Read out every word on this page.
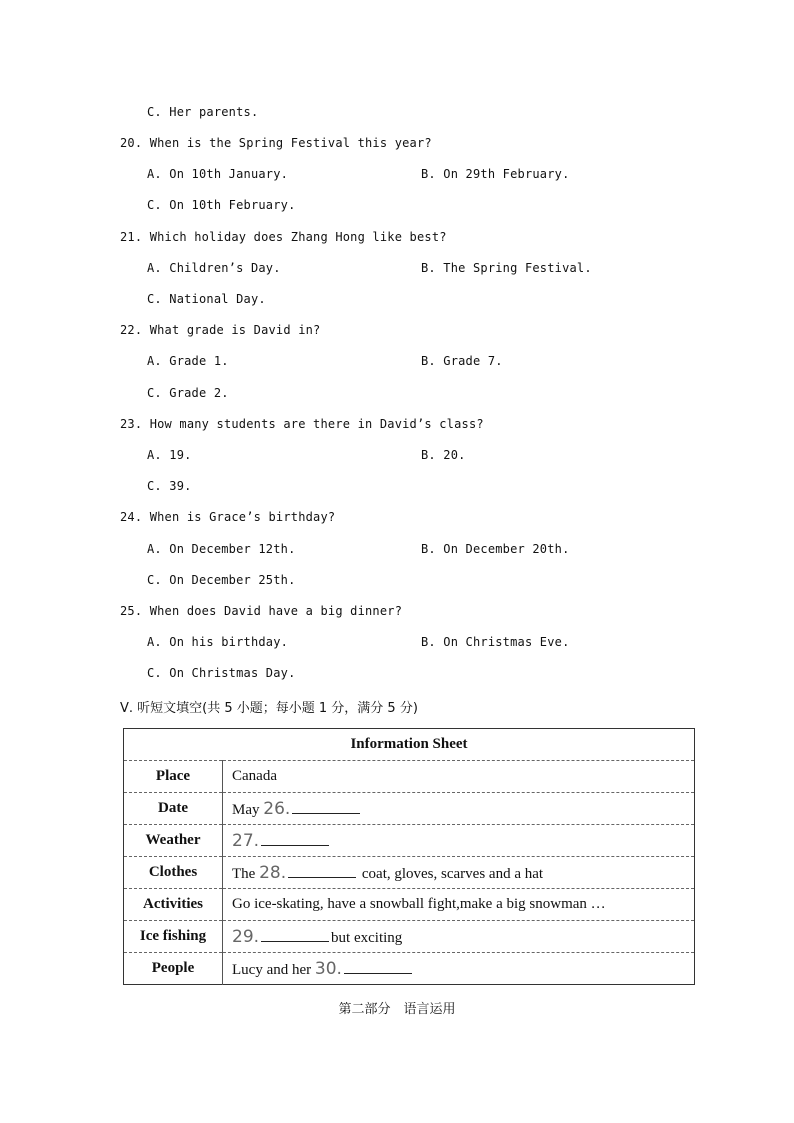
C. Her parents.
20. When is the Spring Festival this year?
A. On 10th January.	B. On 29th February.
C. On 10th February.
21. Which holiday does Zhang Hong like best?
A. Children’s Day.	B. The Spring Festival.
C. National Day.
22. What grade is David in?
A. Grade 1.	B. Grade 7.
C. Grade 2.
23. How many students are there in David’s class?
A. 19.	B. 20.
C. 39.
24. When is Grace’s birthday?
A. On December 12th.	B. On December 20th.
C. On December 25th.
25. When does David have a big dinner?
A. On his birthday.	B. On Christmas Eve.
C. On Christmas Day.
Ⅴ. 听短文填空(共 5 小题；每小题 1 分，满分 5 分)
Information Sheet	
Place	Canada
Date	May 26.
Weather	27.
Clothes	The 28. coat, gloves, scarves and a hat
Activities	Go ice-skating, have a snowball fight,make a big snowman …
Ice fishing	29. but exciting
People	Lucy and her 30.
第二部分　语言运用
